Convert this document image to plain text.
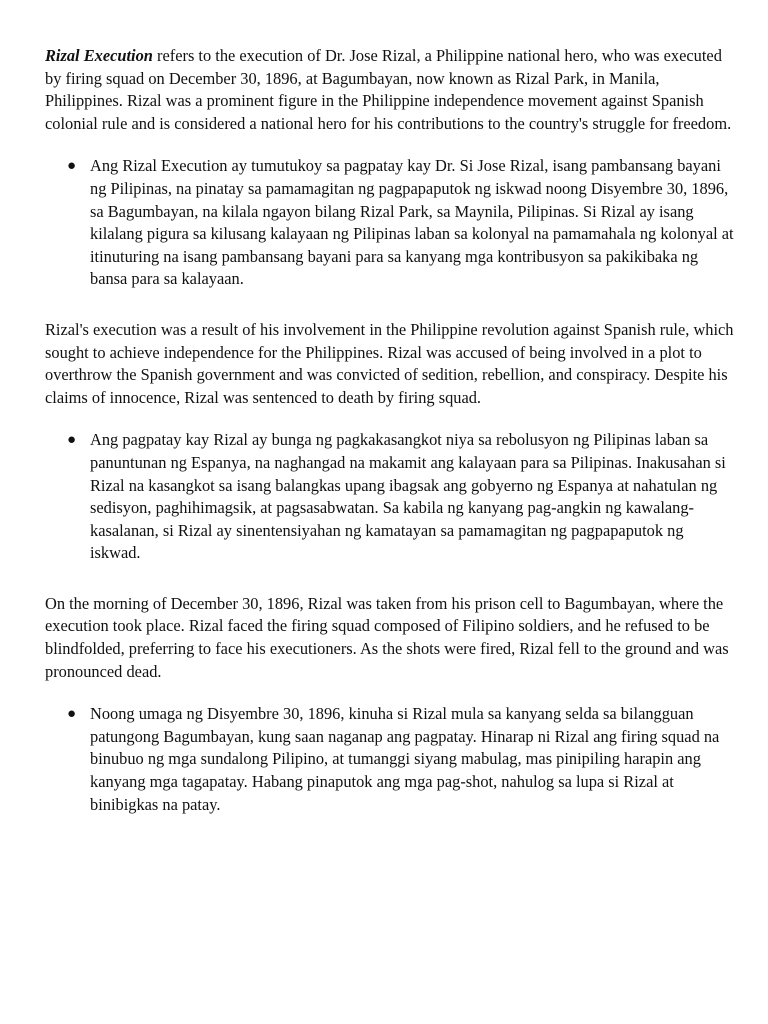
Rizal Execution refers to the execution of Dr. Jose Rizal, a Philippine national hero, who was executed by firing squad on December 30, 1896, at Bagumbayan, now known as Rizal Park, in Manila, Philippines. Rizal was a prominent figure in the Philippine independence movement against Spanish colonial rule and is considered a national hero for his contributions to the country's struggle for freedom.

● Ang Rizal Execution ay tumutukoy sa pagpatay kay Dr. Si Jose Rizal, isang pambansang bayani ng Pilipinas, na pinatay sa pamamagitan ng pagpapaputok ng iskwad noong Disyembre 30, 1896, sa Bagumbayan, na kilala ngayon bilang Rizal Park, sa Maynila, Pilipinas. Si Rizal ay isang kilalang pigura sa kilusang kalayaan ng Pilipinas laban sa kolonyal na pamamahala ng kolonyal at itinuturing na isang pambansang bayani para sa kanyang mga kontribusyon sa pakikibaka ng bansa para sa kalayaan.

Rizal's execution was a result of his involvement in the Philippine revolution against Spanish rule, which sought to achieve independence for the Philippines. Rizal was accused of being involved in a plot to overthrow the Spanish government and was convicted of sedition, rebellion, and conspiracy. Despite his claims of innocence, Rizal was sentenced to death by firing squad.

● Ang pagpatay kay Rizal ay bunga ng pagkakasangkot niya sa rebolusyon ng Pilipinas laban sa panuntunan ng Espanya, na naghangad na makamit ang kalayaan para sa Pilipinas. Inakusahan si Rizal na kasangkot sa isang balangkas upang ibagsak ang gobyerno ng Espanya at nahatulan ng sedisyon, paghihimagsik, at pagsasabwatan. Sa kabila ng kanyang pag-angkin ng kawalang-kasalanan, si Rizal ay sinentensiyahan ng kamatayan sa pamamagitan ng pagpapaputok ng iskwad.

On the morning of December 30, 1896, Rizal was taken from his prison cell to Bagumbayan, where the execution took place. Rizal faced the firing squad composed of Filipino soldiers, and he refused to be blindfolded, preferring to face his executioners. As the shots were fired, Rizal fell to the ground and was pronounced dead.

● Noong umaga ng Disyembre 30, 1896, kinuha si Rizal mula sa kanyang selda sa bilangguan patungong Bagumbayan, kung saan naganap ang pagpatay. Hinarap ni Rizal ang firing squad na binubuo ng mga sundalong Pilipino, at tumanggi siyang mabulag, mas pinipiling harapin ang kanyang mga tagapatay. Habang pinaputok ang mga pag-shot, nahulog sa lupa si Rizal at binibigkas na patay.
